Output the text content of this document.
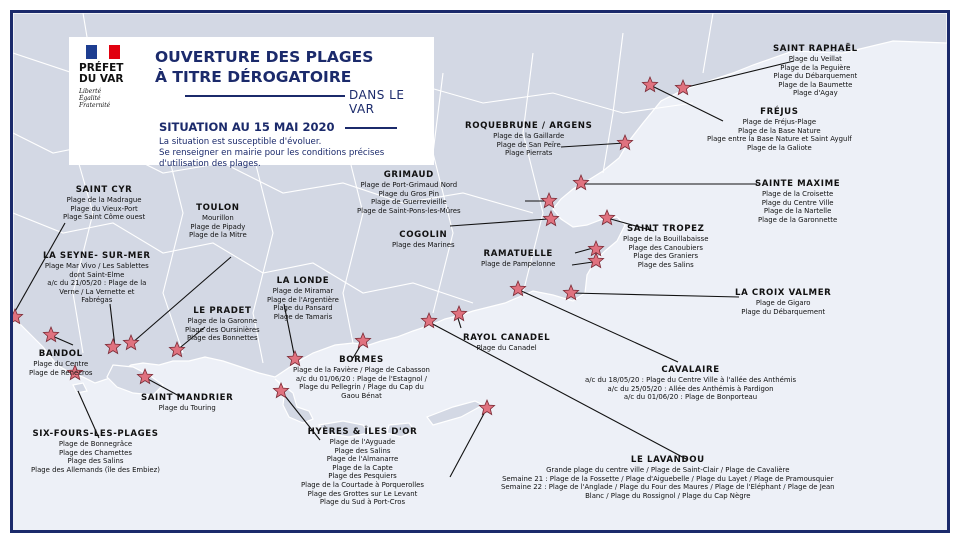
PRÉFET
DU VAR
Liberté
Égalité
Fraternité
OUVERTURE DES PLAGES
À TITRE DÉROGATOIRE
DANS LE VAR
SITUATION AU 15 MAI 2020
La situation est susceptible d'évoluer.
Se renseigner en mairie pour les conditions précises
d'utilisation des plages.
SAINT RAPHAËL
Plage du Veillat
Plage de la Peguière
Plage du Débarquement
Plage de la Baumette
Plage d'Agay
FRÉJUS
Plage de Fréjus-Plage
Plage de la Base Nature
Plage entre la Base Nature et Saint Aygulf
Plage de la Galiote
ROQUEBRUNE / ARGENS
Plage de la Gaillarde
Plage de San Peïre
Plage Pierrats
SAINTE MAXIME
Plage de la Croisette
Plage du Centre Ville
Plage de la Nartelle
Plage de la Garonnette
GRIMAUD
Plage de Port-Grimaud Nord
Plage du Gros Pin
Plage de Guerrevieille
Plage de Saint-Pons-les-Mûres
COGOLIN
Plage des Marines
SAINT TROPEZ
Plage de la Bouillabaisse
Plage des Canoubiers
Plage des Graniers
Plage des Salins
RAMATUELLE
Plage de Pampelonne
LA CROIX VALMER
Plage de Gigaro
Plage du Débarquement
RAYOL CANADEL
Plage du Canadel
CAVALAIRE
a/c du 18/05/20 : Plage du Centre Ville à l'allée des Anthémis
a/c du 25/05/20 : Allée des Anthémis à Pardigon
a/c du 01/06/20 : Plage de Bonporteau
LE LAVANDOU
Grande plage du centre ville / Plage de Saint-Clair / Plage de Cavalière
Semaine 21 : Plage de la Fossette / Plage d'Aiguebelle / Plage du Layet / Plage de Pramousquier
Semaine 22 : Plage de l'Anglade / Plage du Four des Maures / Plage de l'Eléphant / Plage de Jean
Blanc / Plage du Rossignol / Plage du Cap Nègre
BORMES
Plage de la Favière / Plage de Cabasson
a/c du 01/06/20 : Plage de l'Estagnol /
Plage du Pellegrin / Plage du Cap du
Gaou Bénat
HYÈRES & ÎLES D'OR
Plage de l'Ayguade
Plage des Salins
Plage de l'Almanarre
Plage de la Capte
Plage des Pesquiers
Plage de la Courtade à Porquerolles
Plage des Grottes sur Le Levant
Plage du Sud à Port-Cros
LA LONDE
Plage de Miramar
Plage de l'Argentière
Plage du Pansard
Plage de Tamaris
LE PRADET
Plage de la Garonne
Plage des Oursinières
Plage des Bonnettes
TOULON
Mourillon
Plage de Pipady
Plage de la Mitre
SAINT MANDRIER
Plage du Touring
SAINT CYR
Plage de la Madrague
Plage du Vieux-Port
Plage Saint Côme ouest
LA SEYNE- SUR-MER
Plage Mar Vivo / Les Sablettes
dont Saint-Elme
a/c du 21/05/20 : Plage de la
Verne / La Vernette et
Fabrégas
BANDOL
Plage du Centre
Plage de Renécros
SIX-FOURS-LES-PLAGES
Plage de Bonnegrâce
Plage des Chamettes
Plage des Salins
Plage des Allemands (île des Embiez)
